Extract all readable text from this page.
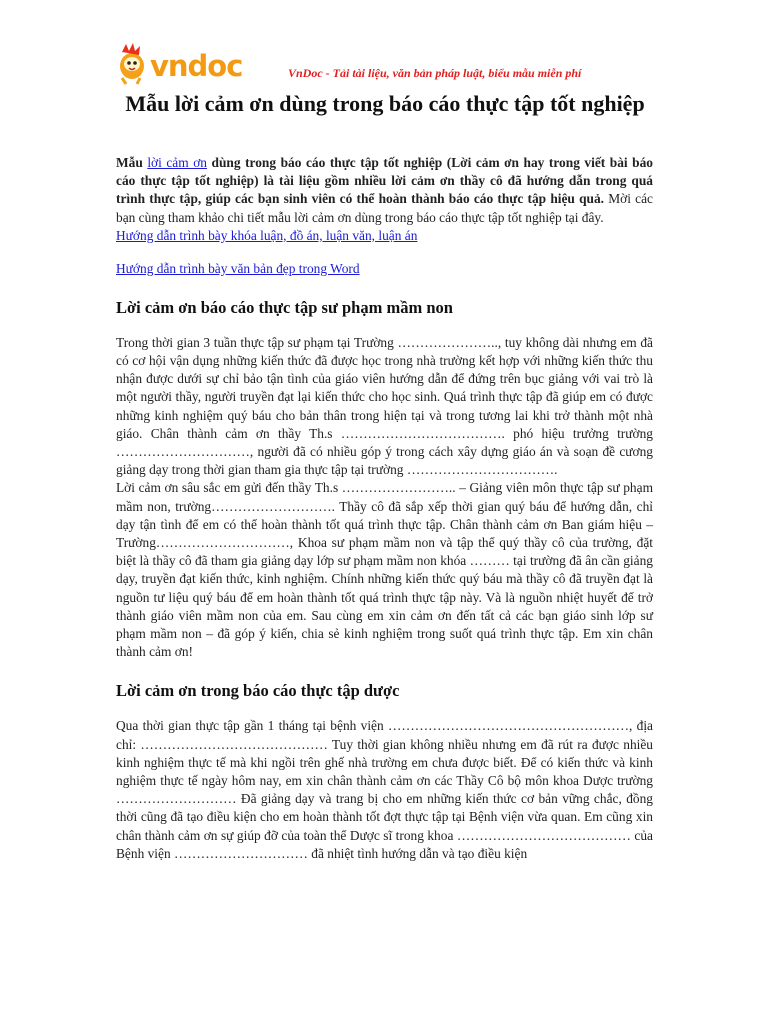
vndoc	VnDoc - Tải tài liệu, văn bản pháp luật, biểu mẫu miễn phí
Mẫu lời cảm ơn dùng trong báo cáo thực tập tốt nghiệp

Mẫu lời cảm ơn dùng trong báo cáo thực tập tốt nghiệp (Lời cảm ơn hay trong viết bài báo cáo thực tập tốt nghiệp) là tài liệu gồm nhiều lời cảm ơn thầy cô đã hướng dẫn trong quá trình thực tập, giúp các bạn sinh viên có thể hoàn thành báo cáo thực tập hiệu quả. Mời các bạn cùng tham khảo chi tiết mẫu lời cảm ơn dùng trong báo cáo thực tập tốt nghiệp tại đây.

Hướng dẫn trình bày khóa luận, đồ án, luận văn, luận án

Hướng dẫn trình bày văn bản đẹp trong Word

Lời cảm ơn báo cáo thực tập sư phạm mầm non

Trong thời gian 3 tuần thực tập sư phạm tại Trường ………………….., tuy không dài nhưng em đã có cơ hội vận dụng những kiến thức đã được học trong nhà trường kết hợp với những kiến thức thu nhận được dưới sự chỉ bảo tận tình của giáo viên hướng dẫn để đứng trên bục giảng với vai trò là một người thầy, người truyền đạt lại kiến thức cho học sinh. Quá trình thực tập đã giúp em có được những kinh nghiệm quý báu cho bản thân trong hiện tại và trong tương lai khi trở thành một nhà giáo. Chân thành cảm ơn thầy Th.s ………………………………. phó hiệu trưởng trường …………………………, người đã có nhiều góp ý trong cách xây dựng giáo án và soạn đề cương giảng dạy trong thời gian tham gia thực tập tại trường …………………………….

Lời cảm ơn sâu sắc em gửi đến thầy Th.s …………………….. – Giảng viên môn thực tập sư phạm mầm non, trường………………………. Thầy cô đã sắp xếp thời gian quý báu để hướng dẫn, chỉ dạy tận tình để em có thể hoàn thành tốt quá trình thực tập. Chân thành cảm ơn Ban giám hiệu – Trường…………………………, Khoa sư phạm mầm non và tập thể quý thầy cô của trường, đặt biệt là thầy cô đã tham gia giảng dạy lớp sư phạm mầm non khóa ……… tại trường đã ân cần giảng dạy, truyền đạt kiến thức, kinh nghiệm. Chính những kiến thức quý báu mà thầy cô đã truyền đạt là nguồn tư liệu quý báu để em hoàn thành tốt quá trình thực tập này. Và là nguồn nhiệt huyết để trở thành giáo viên mầm non của em. Sau cùng em xin cảm ơn đến tất cả các bạn giáo sinh lớp sư phạm mầm non – đã góp ý kiến, chia sẻ kinh nghiệm trong suốt quá trình thực tập. Em xin chân thành cảm ơn!

Lời cảm ơn trong báo cáo thực tập dược

Qua thời gian thực tập gần 1 tháng tại bệnh viện ………………………………………………, địa chỉ: …………………………………… Tuy thời gian không nhiều nhưng em đã rút ra được nhiều kinh nghiệm thực tế mà khi ngồi trên ghế nhà trường em chưa được biết. Để có kiến thức và kinh nghiệm thực tế ngày hôm nay, em xin chân thành cảm ơn các Thầy Cô bộ môn khoa Dược trường ……………………… Đã giảng dạy và trang bị cho em những kiến thức cơ bản vững chắc, đồng thời cũng đã tạo điều kiện cho em hoàn thành tốt đợt thực tập tại Bệnh viện vừa quan. Em cũng xin chân thành cảm ơn sự giúp đỡ của toàn thể Dược sĩ trong khoa ………………………………… của Bệnh viện ………………………… đã nhiệt tình hướng dẫn và tạo điều kiện
